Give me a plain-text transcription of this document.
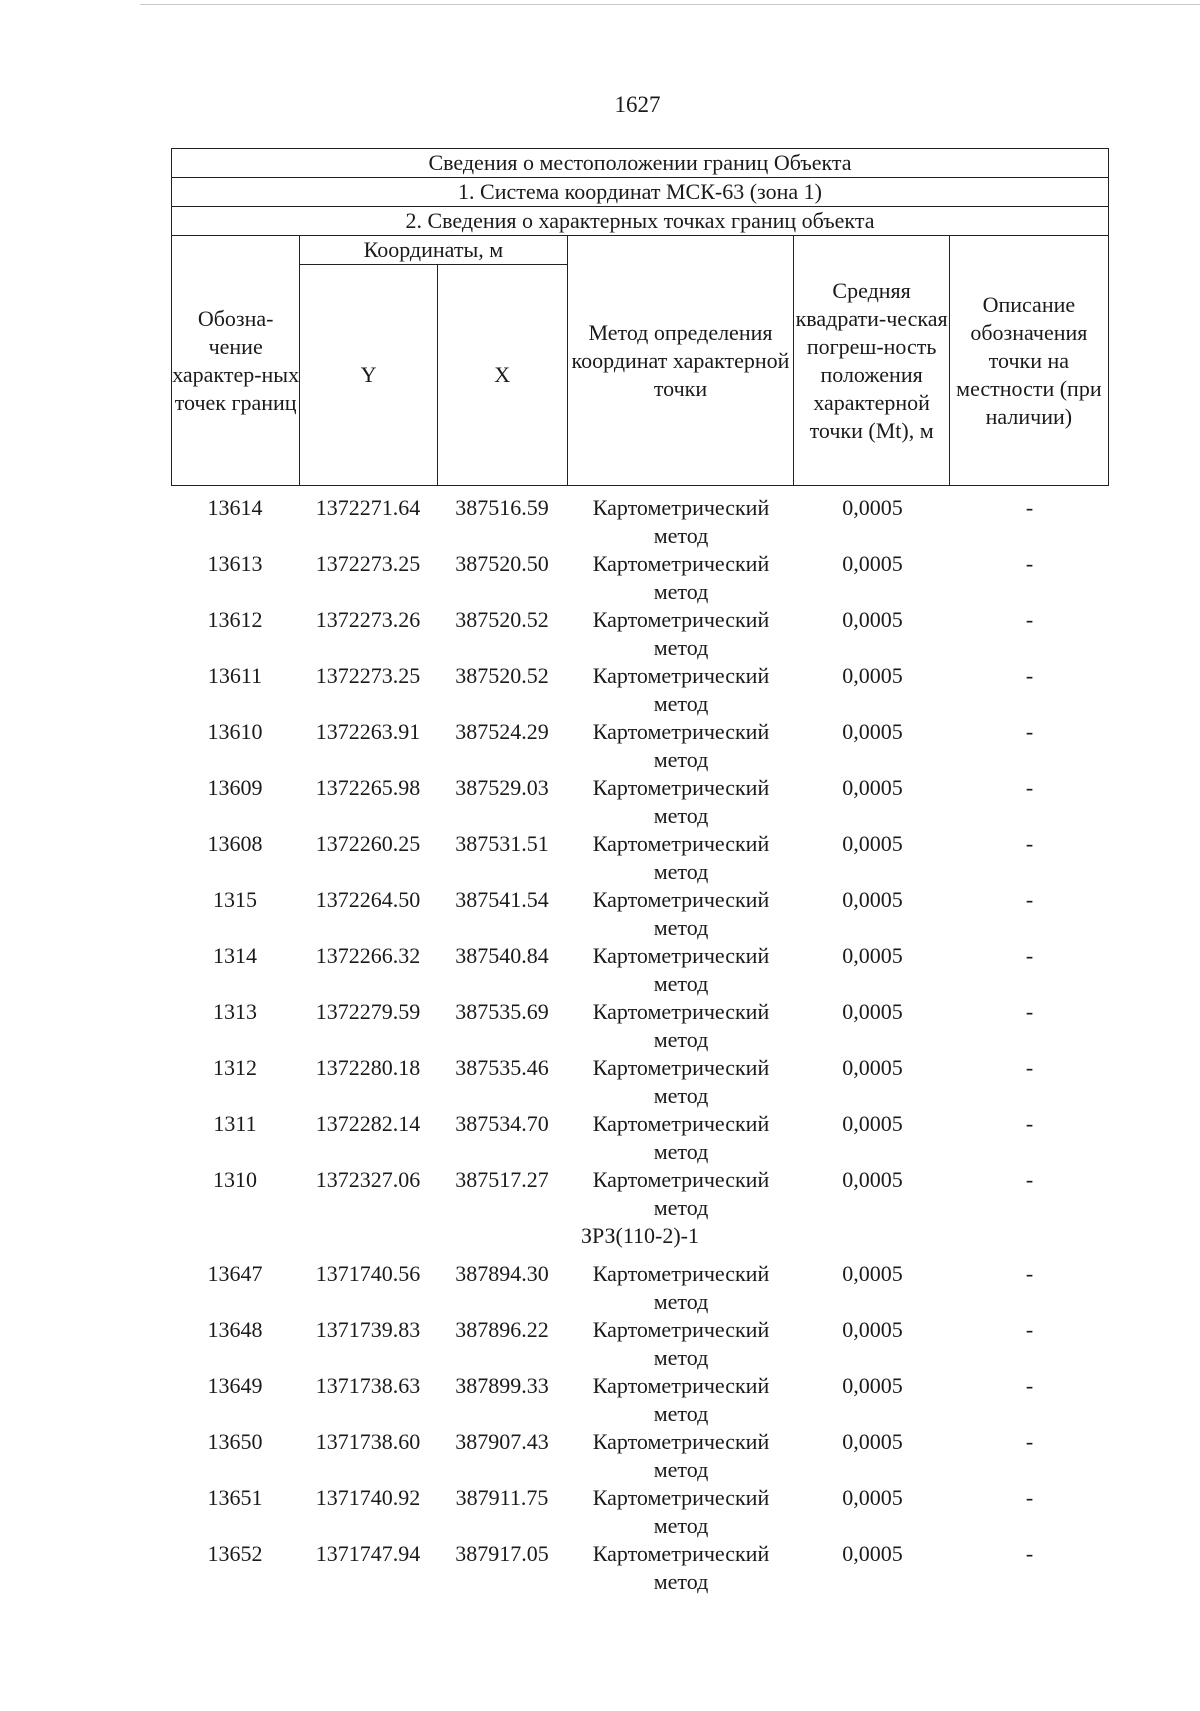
1627
Сведения о местоположении границ Объекта					
1. Система координат МСК-63 (зона 1)					
2. Сведения о характерных точках границ объекта					
Обозна-чение характер-ных точек границ	Координаты, м		Метод определения координат характерной точки	Средняя квадрати-ческая погреш-ность положения характерной точки (Mt), м	Описание обозначения точки на местности (при наличии)
	Y	X			
13614	1372271.64	387516.59	Картометрический метод	0,0005	-
13613	1372273.25	387520.50	Картометрический метод	0,0005	-
13612	1372273.26	387520.52	Картометрический метод	0,0005	-
13611	1372273.25	387520.52	Картометрический метод	0,0005	-
13610	1372263.91	387524.29	Картометрический метод	0,0005	-
13609	1372265.98	387529.03	Картометрический метод	0,0005	-
13608	1372260.25	387531.51	Картометрический метод	0,0005	-
1315	1372264.50	387541.54	Картометрический метод	0,0005	-
1314	1372266.32	387540.84	Картометрический метод	0,0005	-
1313	1372279.59	387535.69	Картометрический метод	0,0005	-
1312	1372280.18	387535.46	Картометрический метод	0,0005	-
1311	1372282.14	387534.70	Картометрический метод	0,0005	-
1310	1372327.06	387517.27	Картометрический метод	0,0005	-
ЗРЗ(110-2)-1					
13647	1371740.56	387894.30	Картометрический метод	0,0005	-
13648	1371739.83	387896.22	Картометрический метод	0,0005	-
13649	1371738.63	387899.33	Картометрический метод	0,0005	-
13650	1371738.60	387907.43	Картометрический метод	0,0005	-
13651	1371740.92	387911.75	Картометрический метод	0,0005	-
13652	1371747.94	387917.05	Картометрический метод	0,0005	-
